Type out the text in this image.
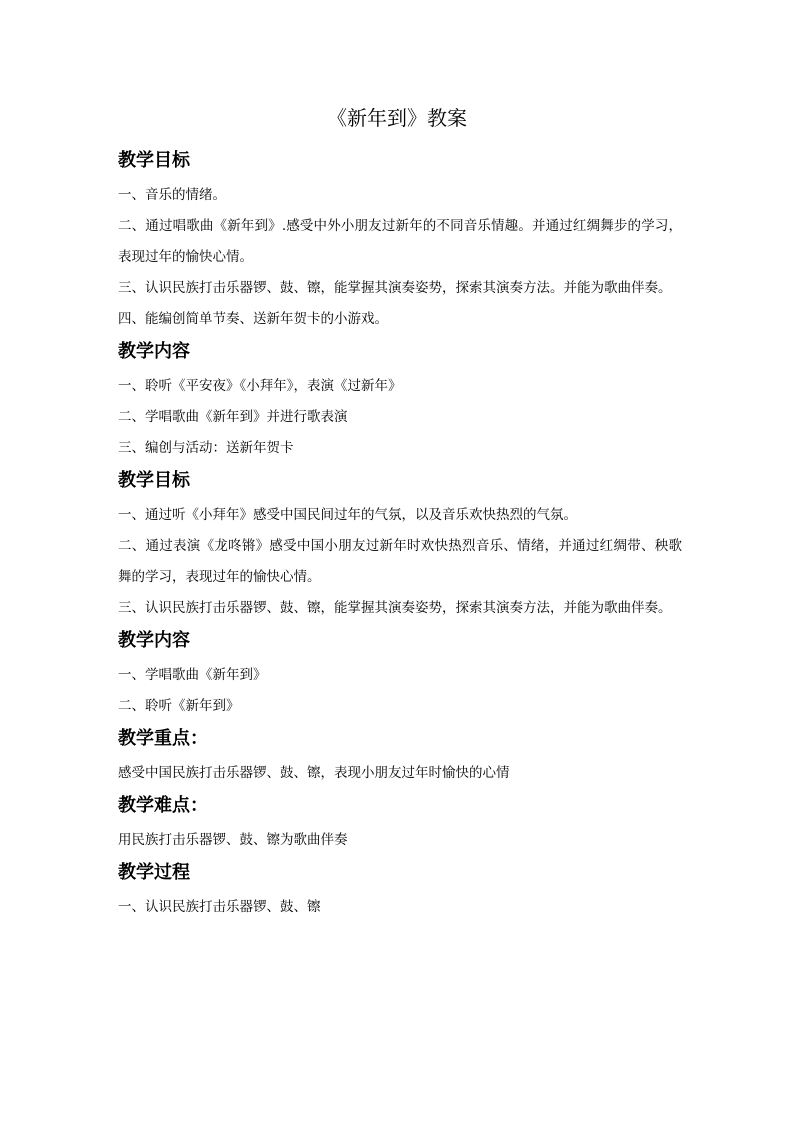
《新年到》教案

教学目标

一、音乐的情绪。

二、通过唱歌曲《新年到》.感受中外小朋友过新年的不同音乐情趣。并通过红绸舞步的学习，表现过年的愉快心情。

三、认识民族打击乐器锣、鼓、镲，能掌握其演奏姿势，探索其演奏方法。并能为歌曲伴奏。

四、能编创简单节奏、送新年贺卡的小游戏。

教学内容

一、聆听《平安夜》《小拜年》，表演《过新年》

二、学唱歌曲《新年到》并进行歌表演

三、编创与活动：送新年贺卡

教学目标

一、通过听《小拜年》感受中国民间过年的气氛，以及音乐欢快热烈的气氛。

二、通过表演《龙咚锵》感受中国小朋友过新年时欢快热烈音乐、情绪，并通过红绸带、秧歌舞的学习，表现过年的愉快心情。

三、认识民族打击乐器锣、鼓、镲，能掌握其演奏姿势，探索其演奏方法，并能为歌曲伴奏。

教学内容

一、学唱歌曲《新年到》

二、聆听《新年到》

教学重点：

感受中国民族打击乐器锣、鼓、镲，表现小朋友过年时愉快的心情

教学难点：

用民族打击乐器锣、鼓、镲为歌曲伴奏

教学过程

一、认识民族打击乐器锣、鼓、镲
